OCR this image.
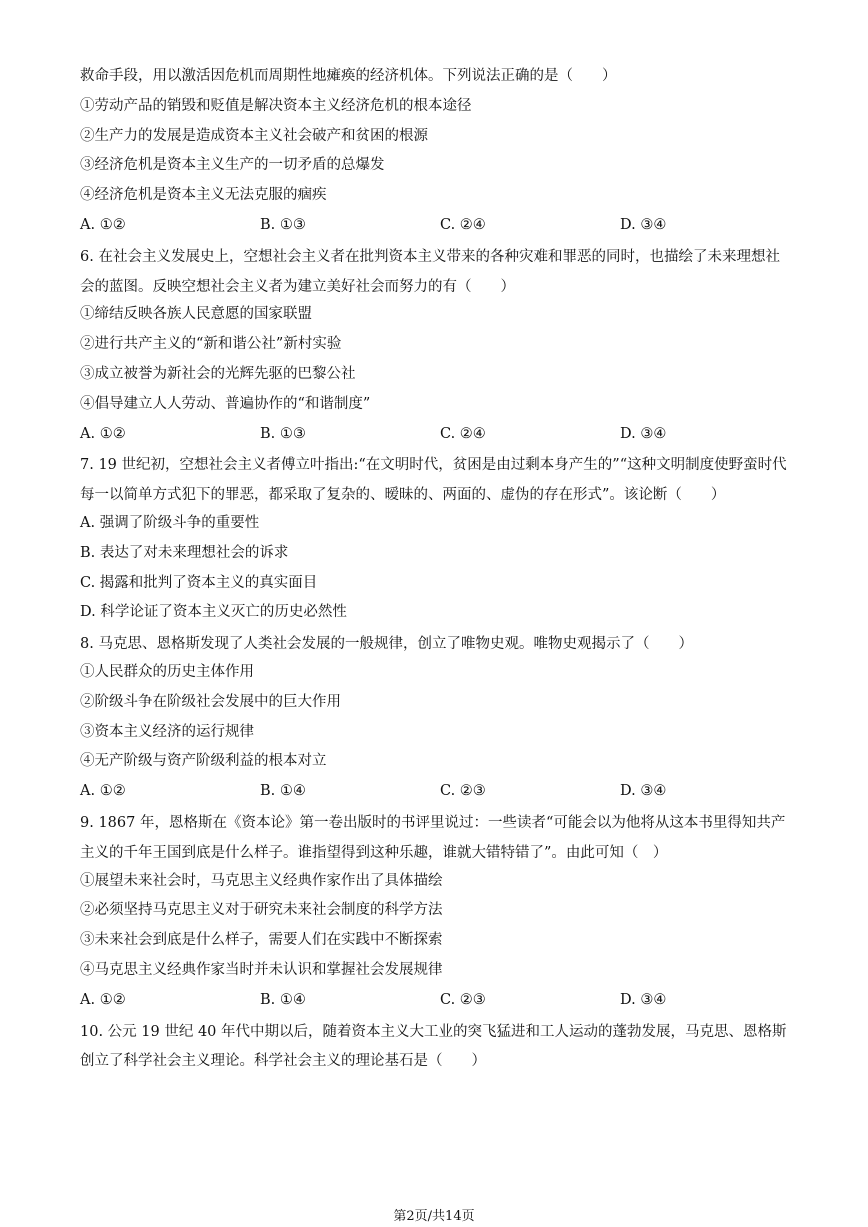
救命手段，用以激活因危机而周期性地瘫痪的经济机体。下列说法正确的是（　　）
①劳动产品的销毁和贬值是解决资本主义经济危机的根本途径
②生产力的发展是造成资本主义社会破产和贫困的根源
③经济危机是资本主义生产的一切矛盾的总爆发
④经济危机是资本主义无法克服的痼疾
A. ①②	B. ①③	C. ②④	D. ③④
6. 在社会主义发展史上，空想社会主义者在批判资本主义带来的各种灾难和罪恶的同时，也描绘了未来理想社会的蓝图。反映空想社会主义者为建立美好社会而努力的有（　　）
①缔结反映各族人民意愿的国家联盟
②进行共产主义的“新和谐公社”新村实验
③成立被誉为新社会的光辉先驱的巴黎公社
④倡导建立人人劳动、普遍协作的“和谐制度”
A. ①②	B. ①③	C. ②④	D. ③④
7. 19 世纪初，空想社会主义者傅立叶指出:“在文明时代，贫困是由过剩本身产生的”“这种文明制度使野蛮时代每一以简单方式犯下的罪恶，都采取了复杂的、暧昧的、两面的、虚伪的存在形式”。该论断（　　）
A. 强调了阶级斗争的重要性
B. 表达了对未来理想社会的诉求
C. 揭露和批判了资本主义的真实面目
D. 科学论证了资本主义灭亡的历史必然性
8. 马克思、恩格斯发现了人类社会发展的一般规律，创立了唯物史观。唯物史观揭示了（　　）
①人民群众的历史主体作用
②阶级斗争在阶级社会发展中的巨大作用
③资本主义经济的运行规律
④无产阶级与资产阶级利益的根本对立
A. ①②	B. ①④	C. ②③	D. ③④
9. 1867 年，恩格斯在《资本论》第一卷出版时的书评里说过：一些读者“可能会以为他将从这本书里得知共产主义的千年王国到底是什么样子。谁指望得到这种乐趣，谁就大错特错了”。由此可知（　）
①展望未来社会时，马克思主义经典作家作出了具体描绘
②必须坚持马克思主义对于研究未来社会制度的科学方法
③未来社会到底是什么样子，需要人们在实践中不断探索
④马克思主义经典作家当时并未认识和掌握社会发展规律
A. ①②	B. ①④	C. ②③	D. ③④
10. 公元 19 世纪 40 年代中期以后，随着资本主义大工业的突飞猛进和工人运动的蓬勃发展，马克思、恩格斯创立了科学社会主义理论。科学社会主义的理论基石是（　　）
第2页/共14页
